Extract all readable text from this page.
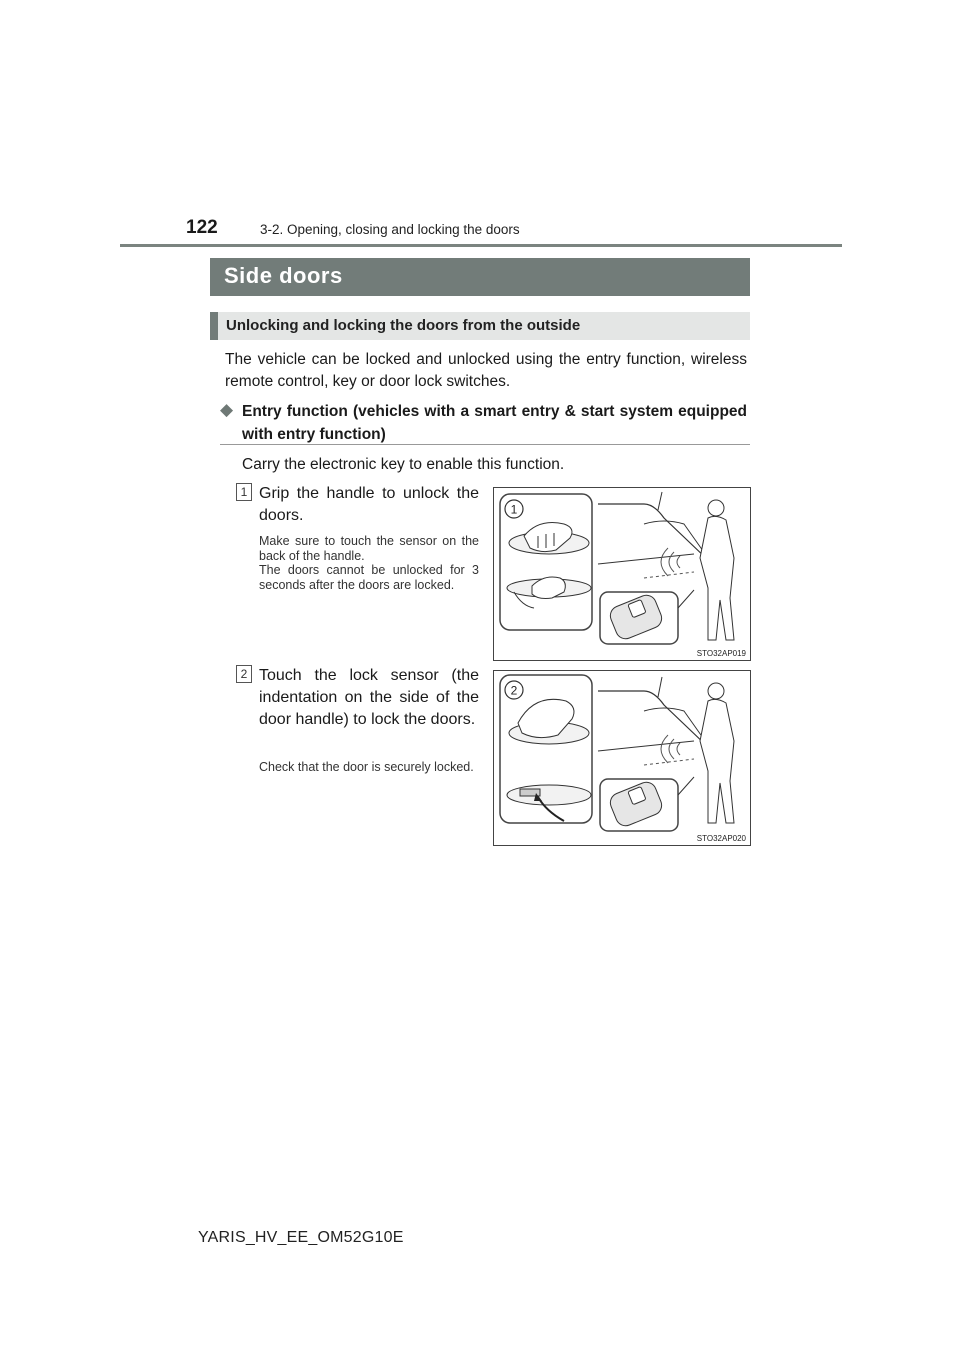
122	3-2. Opening, closing and locking the doors
Side doors
Unlocking and locking the doors from the outside
The vehicle can be locked and unlocked using the entry function, wireless remote control, key or door lock switches.
◆ Entry function (vehicles with a smart entry & start system equipped with entry function)
Carry the electronic key to enable this function.
1 Grip the handle to unlock the doors.
Make sure to touch the sensor on the back of the handle.
The doors cannot be unlocked for 3 seconds after the doors are locked.
1
STO32AP019
2 Touch the lock sensor (the indentation on the side of the door handle) to lock the doors.
Check that the door is securely locked.
2
STO32AP020
YARIS_HV_EE_OM52G10E
